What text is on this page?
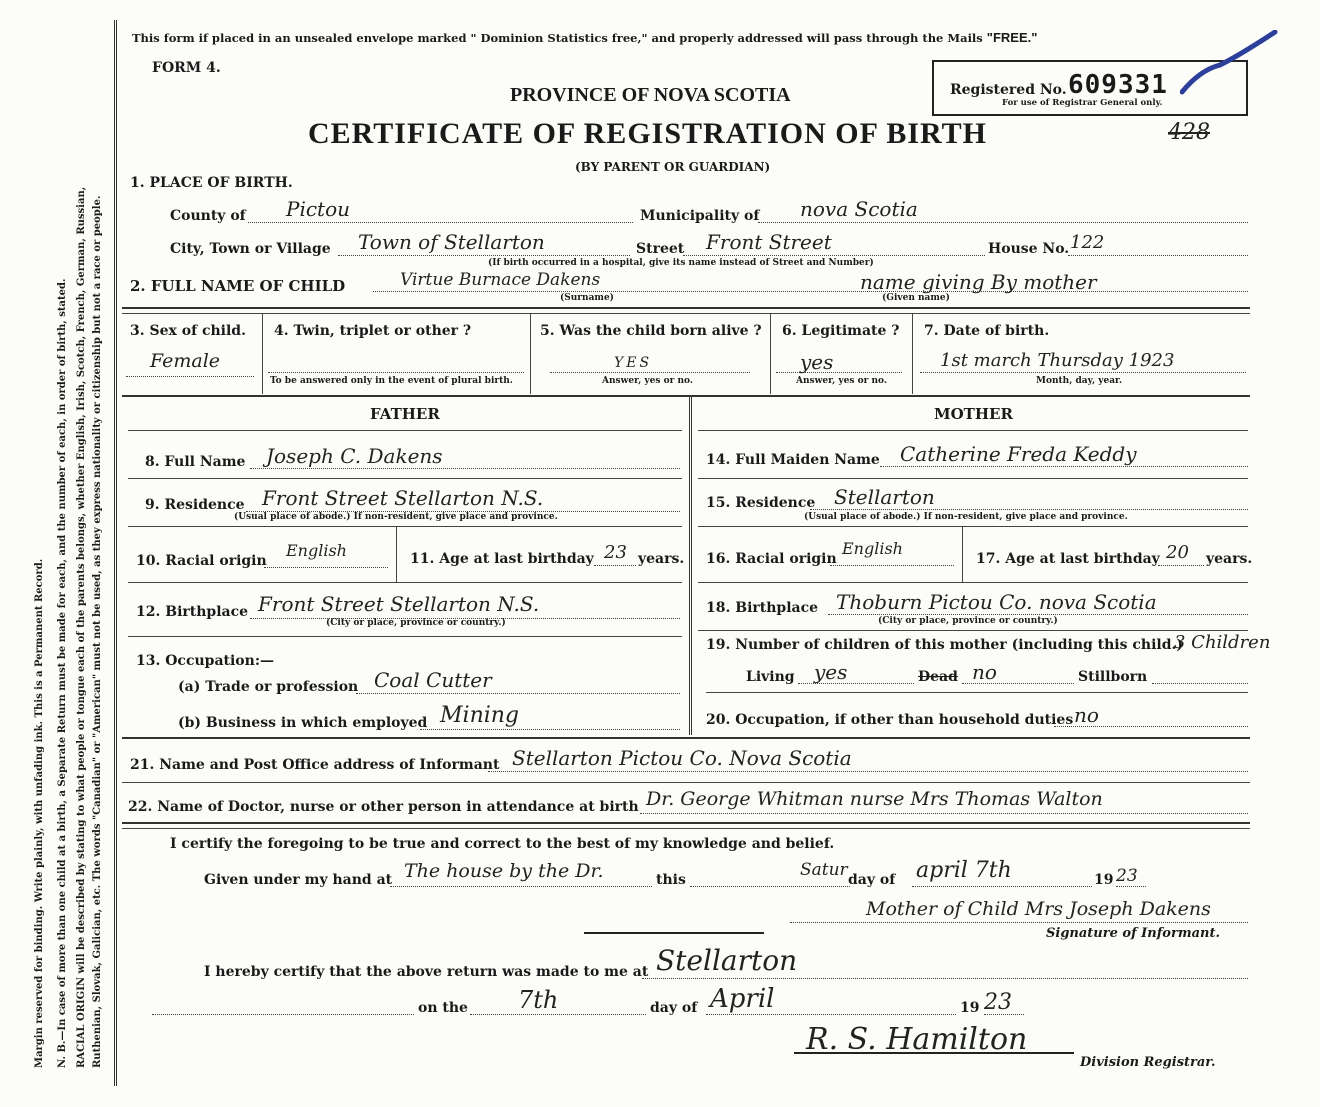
Margin reserved for binding. Write plainly, with unfading ink. This is a Permanent Record. N. B.—In case of more than one child at a birth, a Separate Return must be made for each, and the number of each, in order of birth, stated. RACIAL ORIGIN will be described by stating to what people or tongue each of the parents belongs, whether English, Irish, Scotch, French, German, Russian, Ruthenian, Slovak, Galician, etc. The words "Canadian" or "American" must not be used, as they express nationality or citizenship but not a race or people.
This form if placed in an unsealed envelope marked " Dominion Statistics free," and properly addressed will pass through the Mails "FREE."
FORM 4.
PROVINCE OF NOVA SCOTIA
CERTIFICATE OF REGISTRATION OF BIRTH
(BY PARENT OR GUARDIAN)
Registered No. 609331
For use of Registrar General only.
428
1. PLACE OF BIRTH.
County of Pictou	Municipality of nova Scotia
City, Town or Village Town of Stellarton	Street Front Street	House No. 122
(If birth occurred in a hospital, give its name instead of Street and Number)
2. FULL NAME OF CHILD	Virtue Burnace Dakens
(Surname)
name giving By mother
(Given name)
3. Sex of child.
Female
4. Twin, triplet or other ?
To be answered only in the event of plural birth.
5. Was the child born alive ?
YES
Answer, yes or no.
6. Legitimate ?
yes
Answer, yes or no.
7. Date of birth.
1st march Thursday 1923
Month, day, year.
FATHER	MOTHER
8. Full Name Joseph C. Dakens
9. Residence Front Street Stellarton N.S.
(Usual place of abode.) If non-resident, give place and province.
10. Racial origin
English	11. Age at last birthday 23 years.
12. Birthplace Front Street Stellarton N.S.
(City or place, province or country.)
13. Occupation:—
(a) Trade or profession Coal Cutter
(b) Business in which employed Mining
14. Full Maiden Name Catherine Freda Keddy
15. Residence Stellarton
(Usual place of abode.) If non-resident, give place and province.
16. Racial origin
English
17. Age at last birthday 20 years.
18. Birthplace Thoburn Pictou Co. nova Scotia
(City or place, province or country.)
19. Number of children of this mother (including this child.)
3 Children
Living yes	Dead no	Stillborn
20. Occupation, if other than household duties no
21. Name and Post Office address of Informant Stellarton Pictou Co. Nova Scotia
22. Name of Doctor, nurse or other person in attendance at birth Dr. George Whitman nurse Mrs Thomas Walton
I certify the foregoing to be true and correct to the best of my knowledge and belief.
Given under my hand at The house by the Dr.	this	Satur day of april 7th	19 23
Mother of Child Mrs Joseph Dakens
Signature of Informant.
I hereby certify that the above return was made to me at Stellarton
on the 7th	day of April	19 23
R. S. Hamilton
Division Registrar.
